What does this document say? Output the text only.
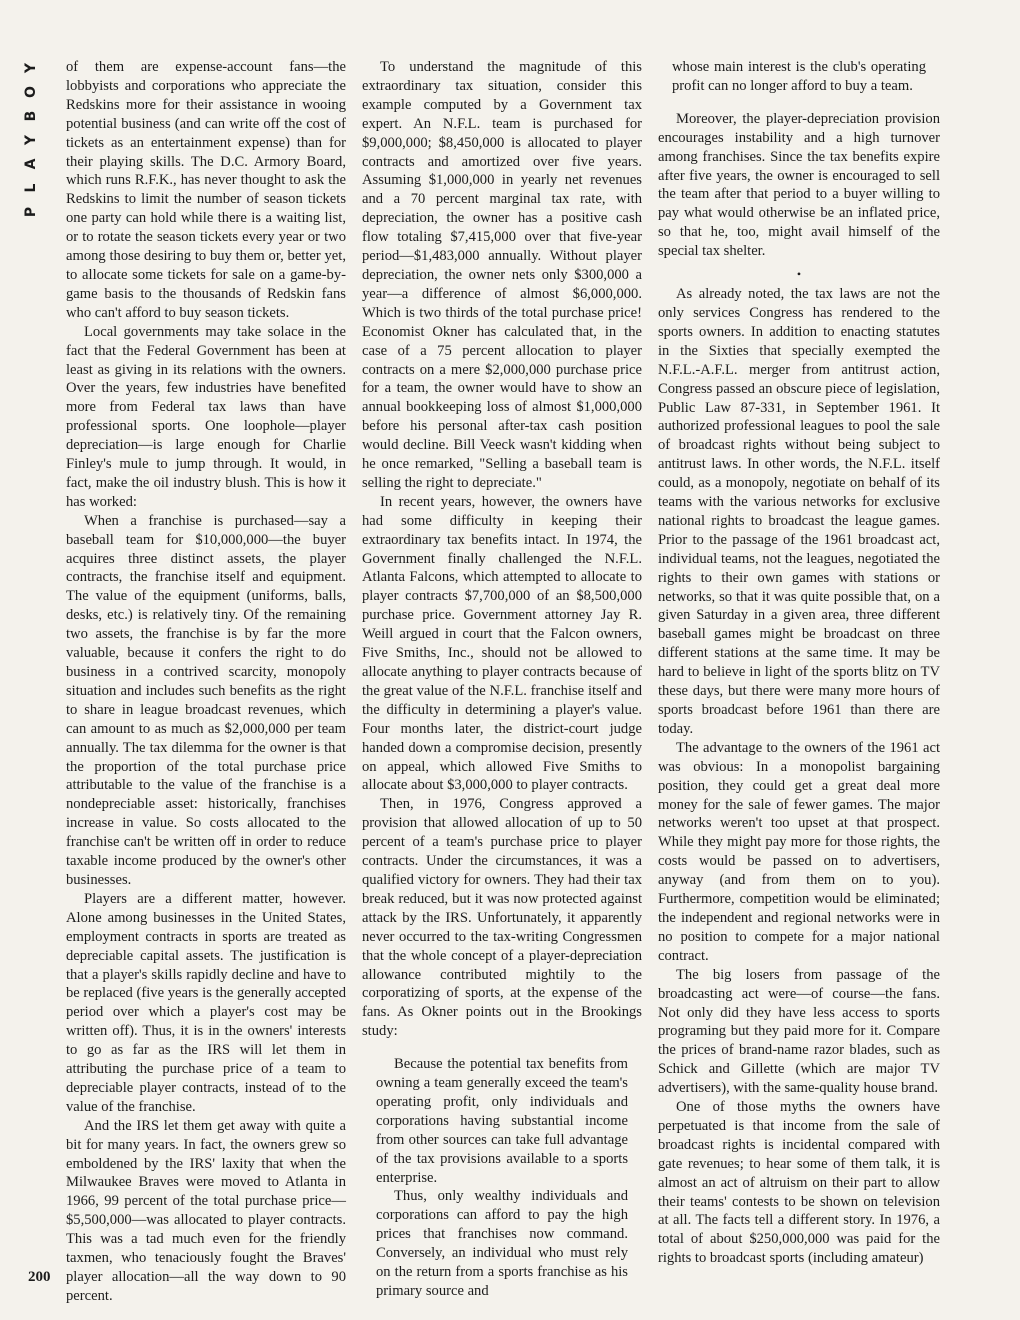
Y
O
B
Y
A
L
P
200

of them are expense-account fans—the lobbyists and corporations who appreciate the Redskins more for their assistance in wooing potential business (and can write off the cost of tickets as an entertainment expense) than for their playing skills. The D.C. Armory Board, which runs R.F.K., has never thought to ask the Redskins to limit the number of season tickets one party can hold while there is a waiting list, or to rotate the season tickets every year or two among those desiring to buy them or, better yet, to allocate some tickets for sale on a game-by-game basis to the thousands of Redskin fans who can't afford to buy season tickets.

Local governments may take solace in the fact that the Federal Government has been at least as giving in its relations with the owners. Over the years, few industries have benefited more from Federal tax laws than have professional sports. One loophole—player depreciation—is large enough for Charlie Finley's mule to jump through. It would, in fact, make the oil industry blush. This is how it has worked:

When a franchise is purchased—say a baseball team for $10,000,000—the buyer acquires three distinct assets, the player contracts, the franchise itself and equipment. The value of the equipment (uniforms, balls, desks, etc.) is relatively tiny. Of the remaining two assets, the franchise is by far the more valuable, because it confers the right to do business in a contrived scarcity, monopoly situation and includes such benefits as the right to share in league broadcast revenues, which can amount to as much as $2,000,000 per team annually. The tax dilemma for the owner is that the proportion of the total purchase price attributable to the value of the franchise is a nondepreciable asset: historically, franchises increase in value. So costs allocated to the franchise can't be written off in order to reduce taxable income produced by the owner's other businesses.

Players are a different matter, however. Alone among businesses in the United States, employment contracts in sports are treated as depreciable capital assets. The justification is that a player's skills rapidly decline and have to be replaced (five years is the generally accepted period over which a player's cost may be written off). Thus, it is in the owners' interests to go as far as the IRS will let them in attributing the purchase price of a team to depreciable player contracts, instead of to the value of the franchise.

And the IRS let them get away with quite a bit for many years. In fact, the owners grew so emboldened by the IRS' laxity that when the Milwaukee Braves were moved to Atlanta in 1966, 99 percent of the total purchase price—$5,500,000—was allocated to player contracts. This was a tad much even for the friendly taxmen, who tenaciously fought the Braves' player allocation—all the way down to 90 percent.

To understand the magnitude of this extraordinary tax situation, consider this example computed by a Government tax expert. An N.F.L. team is purchased for $9,000,000; $8,450,000 is allocated to player contracts and amortized over five years. Assuming $1,000,000 in yearly net revenues and a 70 percent marginal tax rate, with depreciation, the owner has a positive cash flow totaling $7,415,000 over that five-year period—$1,483,000 annually. Without player depreciation, the owner nets only $300,000 a year—a difference of almost $6,000,000. Which is two thirds of the total purchase price! Economist Okner has calculated that, in the case of a 75 percent allocation to player contracts on a mere $2,000,000 purchase price for a team, the owner would have to show an annual bookkeeping loss of almost $1,000,000 before his personal after-tax cash position would decline. Bill Veeck wasn't kidding when he once remarked, "Selling a baseball team is selling the right to depreciate."

In recent years, however, the owners have had some difficulty in keeping their extraordinary tax benefits intact. In 1974, the Government finally challenged the N.F.L. Atlanta Falcons, which attempted to allocate to player contracts $7,700,000 of an $8,500,000 purchase price. Government attorney Jay R. Weill argued in court that the Falcon owners, Five Smiths, Inc., should not be allowed to allocate anything to player contracts because of the great value of the N.F.L. franchise itself and the difficulty in determining a player's value. Four months later, the district-court judge handed down a compromise decision, presently on appeal, which allowed Five Smiths to allocate about $3,000,000 to player contracts.

Then, in 1976, Congress approved a provision that allowed allocation of up to 50 percent of a team's purchase price to player contracts. Under the circumstances, it was a qualified victory for owners. They had their tax break reduced, but it was now protected against attack by the IRS. Unfortunately, it apparently never occurred to the tax-writing Congressmen that the whole concept of a player-depreciation allowance contributed mightily to the corporatizing of sports, at the expense of the fans. As Okner points out in the Brookings study:

Because the potential tax benefits from owning a team generally exceed the team's operating profit, only individuals and corporations having substantial income from other sources can take full advantage of the tax provisions available to a sports enterprise.

Thus, only wealthy individuals and corporations can afford to pay the high prices that franchises now command. Conversely, an individual who must rely on the return from a sports franchise as his primary source and

whose main interest is the club's operating profit can no longer afford to buy a team.

Moreover, the player-depreciation provision encourages instability and a high turnover among franchises. Since the tax benefits expire after five years, the owner is encouraged to sell the team after that period to a buyer willing to pay what would otherwise be an inflated price, so that he, too, might avail himself of the special tax shelter.

•

As already noted, the tax laws are not the only services Congress has rendered to the sports owners. In addition to enacting statutes in the Sixties that specially exempted the N.F.L.-A.F.L. merger from antitrust action, Congress passed an obscure piece of legislation, Public Law 87-331, in September 1961. It authorized professional leagues to pool the sale of broadcast rights without being subject to antitrust laws. In other words, the N.F.L. itself could, as a monopoly, negotiate on behalf of its teams with the various networks for exclusive national rights to broadcast the league games. Prior to the passage of the 1961 broadcast act, individual teams, not the leagues, negotiated the rights to their own games with stations or networks, so that it was quite possible that, on a given Saturday in a given area, three different baseball games might be broadcast on three different stations at the same time. It may be hard to believe in light of the sports blitz on TV these days, but there were many more hours of sports broadcast before 1961 than there are today.

The advantage to the owners of the 1961 act was obvious: In a monopolist bargaining position, they could get a great deal more money for the sale of fewer games. The major networks weren't too upset at that prospect. While they might pay more for those rights, the costs would be passed on to advertisers, anyway (and from them on to you). Furthermore, competition would be eliminated; the independent and regional networks were in no position to compete for a major national contract.

The big losers from passage of the broadcasting act were—of course—the fans. Not only did they have less access to sports programing but they paid more for it. Compare the prices of brand-name razor blades, such as Schick and Gillette (which are major TV advertisers), with the same-quality house brand.

One of those myths the owners have perpetuated is that income from the sale of broadcast rights is incidental compared with gate revenues; to hear some of them talk, it is almost an act of altruism on their part to allow their teams' contests to be shown on television at all. The facts tell a different story. In 1976, a total of about $250,000,000 was paid for the rights to broadcast sports (including amateur)
